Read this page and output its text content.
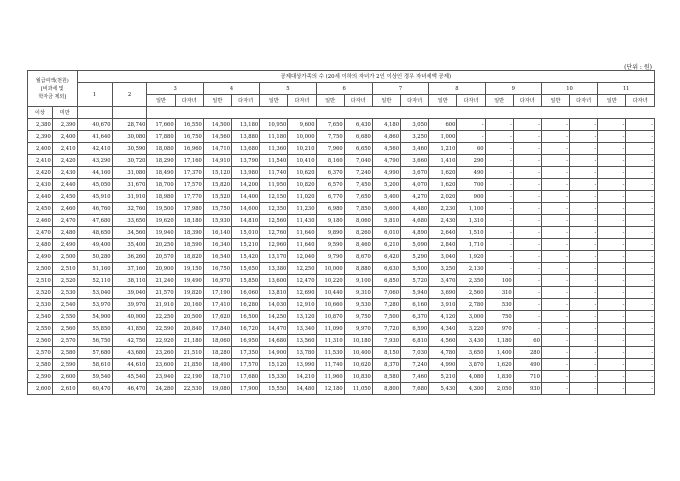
(단위 : 원)
월급여액(천원)
[비과세 및
학자금 제외]		공제대상가족의 수 (20세 이하의 자녀가 2인 이상인 경우 자녀세액 공제)																			
		1	2	3		4		5		6		7		8		9		10		11	
				일반	다자녀	일반	다자녀	일반	다자녀	일반	다자녀	일반	다자녀	일반	다자녀	일반	다자녀	일반	다자녀	일반	다자녀
이상	미만																				
2,380	2,390	40,670	28,740	17,660	16,550	14,500	13,180	10,950	9,600	7,650	6,430	4,180	3,050	600	-	-	-	-	-	-	-
2,390	2,400	41,640	30,080	17,880	16,750	14,560	13,880	11,180	10,000	7,750	6,680	4,860	3,250	1,000	-	-	-	-	-	-	-
2,400	2,410	42,410	30,590	18,080	16,960	14,710	13,680	11,360	10,210	7,960	6,650	4,560	3,460	1,210	60	-	-	-	-	-	-
2,410	2,420	43,290	30,720	18,290	17,160	14,910	13,790	11,540	10,410	8,160	7,040	4,790	3,660	1,410	290	-	-	-	-	-	-
2,420	2,430	44,160	31,080	18,490	17,370	15,120	13,980	11,740	10,620	6,370	7,240	4,990	3,670	1,620	490	-	-	-	-	-	-
2,430	2,440	45,050	31,670	18,700	17,570	15,820	14,200	11,950	10,820	6,570	7,450	5,200	4,070	1,620	700	-	-	-	-	-	-
2,440	2,450	45,910	31,910	18,980	17,770	15,520	14,400	12,150	11,020	6,770	7,650	5,400	4,270	2,020	900	-	-	-	-	-	-
2,450	2,460	46,760	32,760	19,500	17,980	15,750	14,600	12,350	11,230	6,980	7,850	5,600	4,480	2,230	1,100	-	-	-	-	-	-
2,460	2,470	47,680	33,650	19,620	18,180	15,930	14,810	12,560	11,430	9,180	8,060	5,810	4,680	2,430	1,310	-	-	-	-	-	-
2,470	2,480	48,650	34,560	19,940	18,390	16,140	15,010	12,760	11,640	9,890	8,260	6,010	4,890	2,640	1,510	-	-	-	-	-	-
2,480	2,490	49,400	35,400	20,250	18,590	16,340	15,210	12,960	11,640	9,590	8,460	6,210	5,090	2,840	1,710	-	-	-	-	-	-
2,490	2,500	50,280	36,260	20,570	18,820	16,540	15,420	13,170	12,040	9,790	8,670	6,420	5,290	3,040	1,920	-	-	-	-	-	-
2,500	2,510	51,160	37,160	20,900	19,150	16,750	15,650	13,380	12,250	10,000	8,880	6,630	5,500	3,250	2,130	-	-	-	-	-	-
2,510	2,520	52,110	38,110	21,240	19,490	16,970	15,850	13,600	12,470	10,220	9,100	6,850	5,720	3,470	2,350	100	-	-	-	-	-
2,520	2,530	53,040	39,040	21,570	19,820	17,190	16,060	13,810	12,690	10,440	9,310	7,060	5,940	3,690	2,560	310	-	-	-	-	-
2,530	2,540	53,970	39,970	21,910	20,160	17,410	16,280	14,030	12,910	10,660	9,530	7,280	6,160	3,910	2,780	530	-	-	-	-	-
2,540	2,550	54,900	40,900	22,250	20,500	17,620	16,500	14,250	13,120	10,870	9,750	7,500	6,370	4,120	3,000	750	-	-	-	-	-
2,550	2,560	55,850	41,850	22,590	20,840	17,840	16,720	14,470	13,340	11,090	9,970	7,720	6,590	4,340	3,220	970	-	-	-	-	-
2,560	2,570	56,750	42,750	22,920	21,180	18,060	16,950	14,680	13,560	11,310	10,180	7,930	6,810	4,560	3,430	1,180	60	-	-	-	-
2,570	2,580	57,680	43,680	23,260	21,510	18,280	17,350	14,900	13,780	11,530	10,400	8,150	7,030	4,780	3,650	1,400	280	-	-	-	-
2,580	2,590	58,610	44,610	23,600	21,850	18,490	17,570	15,120	13,990	11,740	10,620	8,370	7,240	4,990	3,870	1,620	490	-	-	-	-
2,590	2,600	59,540	45,540	23,940	22,190	18,710	17,680	15,330	14,210	11,960	10,830	8,580	7,460	5,210	4,080	1,830	710	-	-	-	-
2,600	2,610	60,470	46,470	24,280	22,530	19,080	17,900	15,550	14,480	12,180	11,050	8,800	7,680	5,430	4,300	2,050	930	-	-	-	-
